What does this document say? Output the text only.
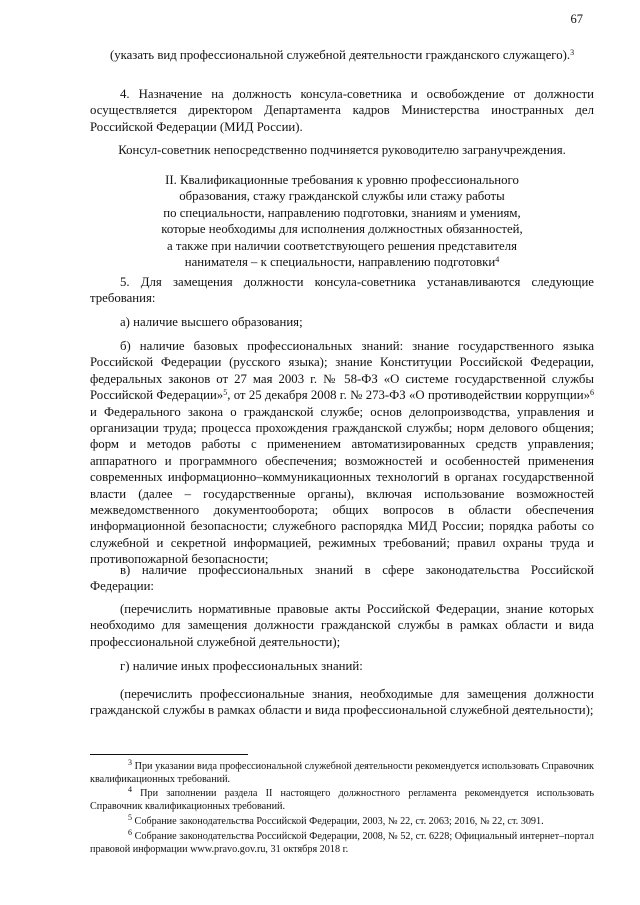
67

(указать вид профессиональной служебной деятельности гражданского служащего).$^3$

4. Назначение на должность консула-советника и освобождение от должности осуществляется директором Департамента кадров Министерства иностранных дел Российской Федерации (МИД России).

Консул-советник непосредственно подчиняется руководителю загранучреждения.

II. Квалификационные требования к уровню профессионального
образования, стажу гражданской службы или стажу работы
по специальности, направлению подготовки, знаниям и умениям,
которые необходимы для исполнения должностных обязанностей,
а также при наличии соответствующего решения представителя
нанимателя – к специальности, направлению подготовки$^4$

5. Для замещения должности консула-советника устанавливаются следующие требования:

а) наличие высшего образования;

б) наличие базовых профессиональных знаний: знание государственного языка Российской Федерации (русского языка); знание Конституции Российской Федерации, федеральных законов от 27 мая 2003 г. № 58-ФЗ «О системе государственной службы Российской Федерации»$^5$, от 25 декабря 2008 г. № 273-ФЗ «О противодействии коррупции»$^6$ и Федерального закона о гражданской службе; основ делопроизводства, управления и организации труда; процесса прохождения гражданской службы; норм делового общения; форм и методов работы с применением автоматизированных средств управления; аппаратного и программного обеспечения; возможностей и особенностей применения современных информационно–коммуникационных технологий в органах государственной власти (далее – государственные органы), включая использование возможностей межведомственного документооборота; общих вопросов в области обеспечения информационной безопасности; служебного распорядка МИД России; порядка работы со служебной и секретной информацией, режимных требований; правил охраны труда и противопожарной безопасности;

в) наличие профессиональных знаний в сфере законодательства Российской Федерации:

(перечислить нормативные правовые акты Российской Федерации, знание которых необходимо для замещения должности гражданской службы в рамках области и вида профессиональной служебной деятельности);

г) наличие иных профессиональных знаний:

(перечислить профессиональные знания, необходимые для замещения должности гражданской службы в рамках области и вида профессиональной служебной деятельности);

$^3$ При указании вида профессиональной служебной деятельности рекомендуется использовать Справочник квалификационных требований.

$^4$ При заполнении раздела II настоящего должностного регламента рекомендуется использовать Справочник квалификационных требований.

$^5$ Собрание законодательства Российской Федерации, 2003, № 22, ст. 2063; 2016, № 22, ст. 3091.

$^6$ Собрание законодательства Российской Федерации, 2008, № 52, ст. 6228; Официальный интернет–портал правовой информации www.pravo.gov.ru, 31 октября 2018 г.
